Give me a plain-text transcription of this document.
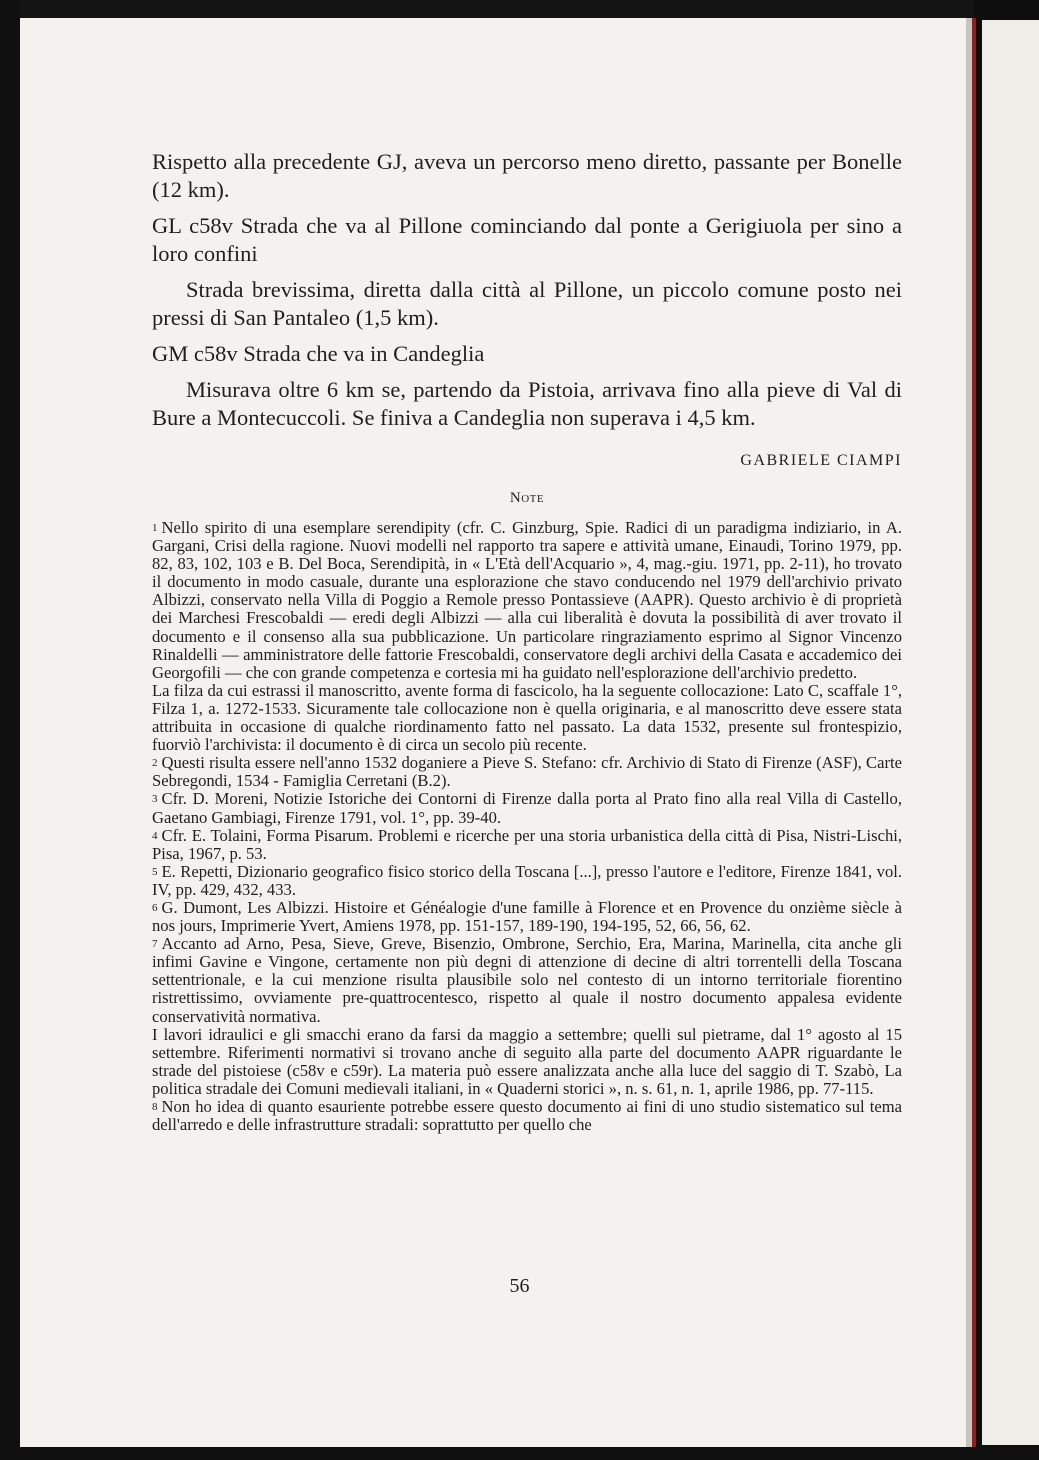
Rispetto alla precedente GJ, aveva un percorso meno diretto, passante per Bonelle (12 km).

GL c58v Strada che va al Pillone cominciando dal ponte a Gerigiuola per sino a loro confini

Strada brevissima, diretta dalla città al Pillone, un piccolo comune posto nei pressi di San Pantaleo (1,5 km).

GM c58v Strada che va in Candeglia

Misurava oltre 6 km se, partendo da Pistoia, arrivava fino alla pieve di Val di Bure a Montecuccoli. Se finiva a Candeglia non superava i 4,5 km.

GABRIELE CIAMPI
Note

$^1$ Nello spirito di una esemplare serendipity (cfr. C. Ginzburg, Spie. Radici di un paradigma indiziario, in A. Gargani, Crisi della ragione. Nuovi modelli nel rapporto tra sapere e attività umane, Einaudi, Torino 1979, pp. 82, 83, 102, 103 e B. Del Boca, Serendipità, in « L'Età dell'Acquario », 4, mag.-giu. 1971, pp. 2-11), ho trovato il documento in modo casuale, durante una esplorazione che stavo conducendo nel 1979 dell'archivio privato Albizzi, conservato nella Villa di Poggio a Remole presso Pontassieve (AAPR). Questo archivio è di proprietà dei Marchesi Frescobaldi — eredi degli Albizzi — alla cui liberalità è dovuta la possibilità di aver trovato il documento e il consenso alla sua pubblicazione. Un particolare ringraziamento esprimo al Signor Vincenzo Rinaldelli — amministratore delle fattorie Frescobaldi, conservatore degli archivi della Casata e accademico dei Georgofili — che con grande competenza e cortesia mi ha guidato nell'esplorazione dell'archivio predetto.

La filza da cui estrassi il manoscritto, avente forma di fascicolo, ha la seguente collocazione: Lato C, scaffale 1°, Filza 1, a. 1272-1533. Sicuramente tale collocazione non è quella originaria, e al manoscritto deve essere stata attribuita in occasione di qualche riordinamento fatto nel passato. La data 1532, presente sul frontespizio, fuorviò l'archivista: il documento è di circa un secolo più recente.

$^2$ Questi risulta essere nell'anno 1532 doganiere a Pieve S. Stefano: cfr. Archivio di Stato di Firenze (ASF), Carte Sebregondi, 1534 - Famiglia Cerretani (B.2).

$^3$ Cfr. D. Moreni, Notizie Istoriche dei Contorni di Firenze dalla porta al Prato fino alla real Villa di Castello, Gaetano Gambiagi, Firenze 1791, vol. 1°, pp. 39-40.

$^4$ Cfr. E. Tolaini, Forma Pisarum. Problemi e ricerche per una storia urbanistica della città di Pisa, Nistri-Lischi, Pisa, 1967, p. 53.

$^5$ E. Repetti, Dizionario geografico fisico storico della Toscana [...], presso l'autore e l'editore, Firenze 1841, vol. IV, pp. 429, 432, 433.

$^6$ G. Dumont, Les Albizzi. Histoire et Généalogie d'une famille à Florence et en Provence du onzième siècle à nos jours, Imprimerie Yvert, Amiens 1978, pp. 151-157, 189-190, 194-195, 52, 66, 56, 62.

$^7$ Accanto ad Arno, Pesa, Sieve, Greve, Bisenzio, Ombrone, Serchio, Era, Marina, Marinella, cita anche gli infimi Gavine e Vingone, certamente non più degni di attenzione di decine di altri torrentelli della Toscana settentrionale, e la cui menzione risulta plausibile solo nel contesto di un intorno territoriale fiorentino ristrettissimo, ovviamente pre-quattrocentesco, rispetto al quale il nostro documento appalesa evidente conservatività normativa.

I lavori idraulici e gli smacchi erano da farsi da maggio a settembre; quelli sul pietrame, dal 1° agosto al 15 settembre. Riferimenti normativi si trovano anche di seguito alla parte del documento AAPR riguardante le strade del pistoiese (c58v e c59r). La materia può essere analizzata anche alla luce del saggio di T. Szabò, La politica stradale dei Comuni medievali italiani, in « Quaderni storici », n. s. 61, n. 1, aprile 1986, pp. 77-115.

$^8$ Non ho idea di quanto esauriente potrebbe essere questo documento ai fini di uno studio sistematico sul tema dell'arredo e delle infrastrutture stradali: soprattutto per quello che

56
